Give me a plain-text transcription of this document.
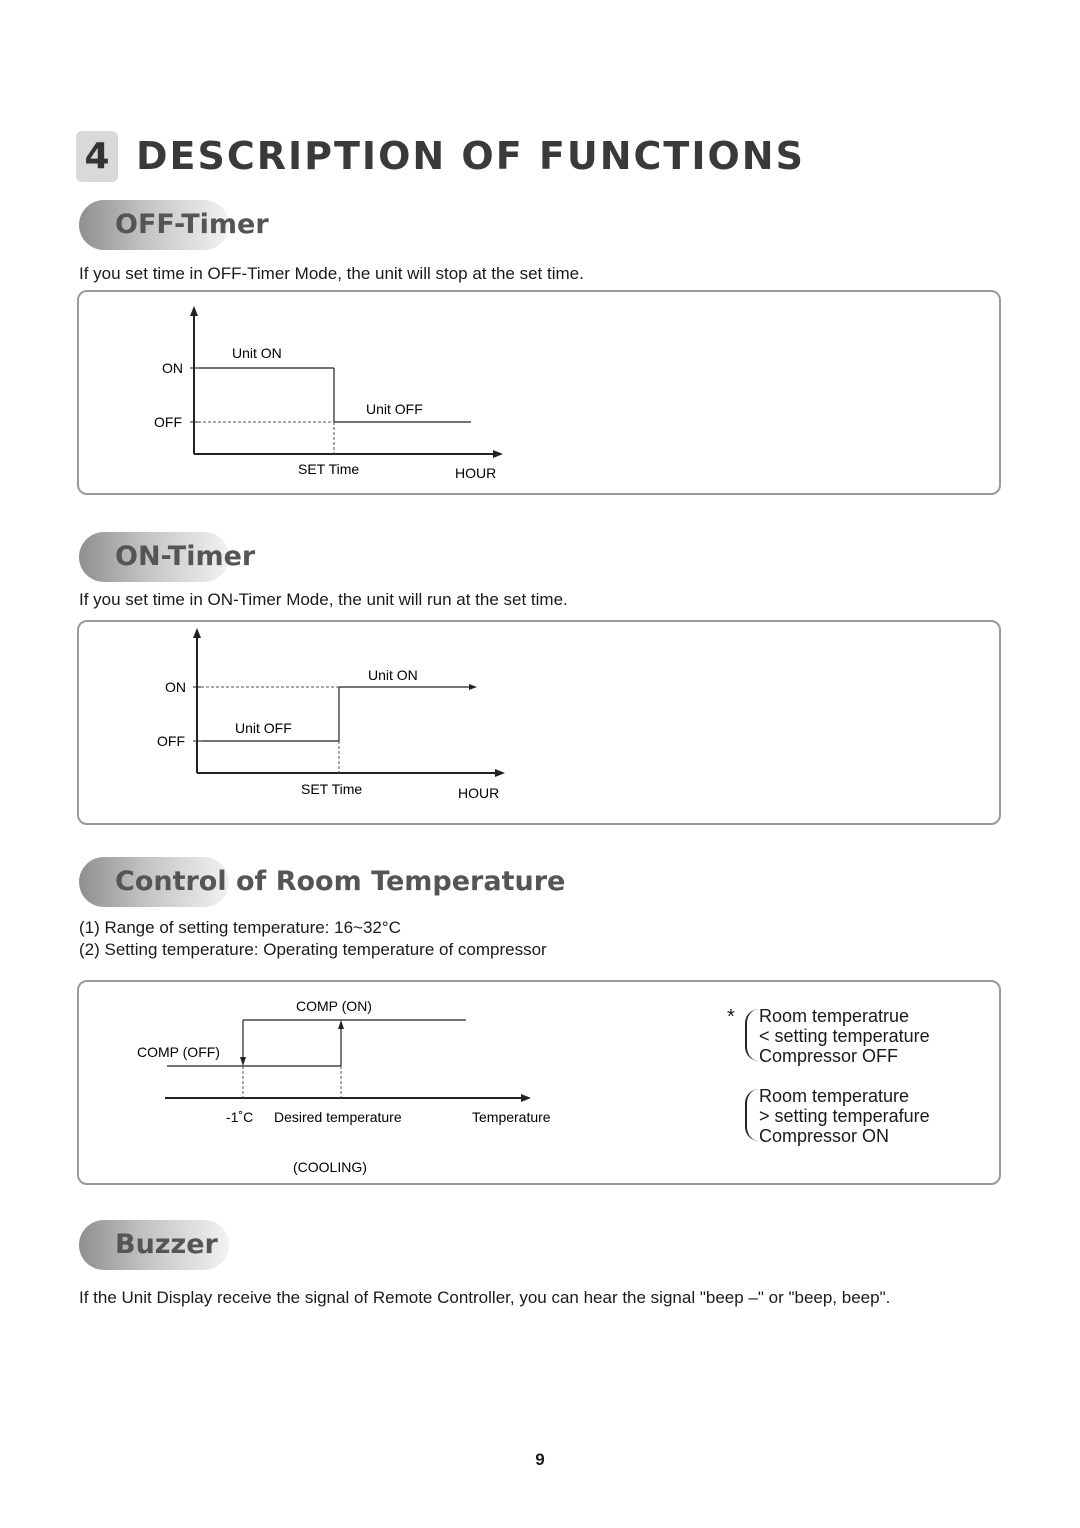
4 DESCRIPTION OF FUNCTIONS
OFF-Timer
If you set time in OFF-Timer Mode, the unit will stop at the set time.
ON
OFF
Unit ON
Unit OFF
SET Time	HOUR
ON-Timer
If you set time in ON-Timer Mode, the unit will run at the set time.
ON
OFF
Unit ON
Unit OFF
SET Time	HOUR
Control of Room Temperature
(1) Range of setting temperature: 16~32°C
(2) Setting temperature: Operating temperature of compressor
COMP (ON)
COMP (OFF)
-1˚C Desired temperature	Temperature
(COOLING)
* Room temperatrue
< setting temperature
Compressor OFF
Room temperature
> setting temperafure
Compressor ON
Buzzer
If the Unit Display receive the signal of Remote Controller, you can hear the signal "beep –" or "beep, beep".
9
